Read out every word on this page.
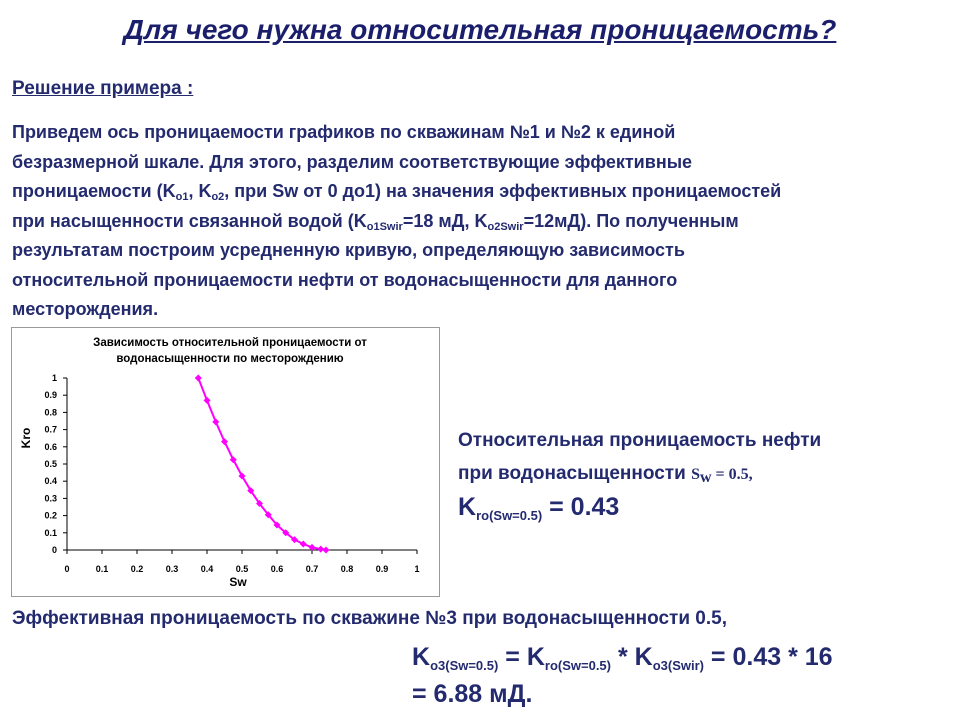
Для чего нужна относительная проницаемость?
Решение примера :
Приведем ось проницаемости графиков по скважинам №1 и №2 к единой
безразмерной шкале. Для этого, разделим соответствующие эффективные
проницаемости ($K_{o1}$, $K_{o2}$, при Sw от 0 до1) на значения эффективных проницаемостей
при насыщенности связанной водой ($K_{o1Swir}=18$ мД, $K_{o2Swir}=12мД$). По полученным
результатам построим усредненную кривую, определяющую зависимость
относительной проницаемости нефти от водонасыщенности для данного
месторождения.
Зависимость относительной проницаемости от
водонасыщенности по месторождению
Kro
Sw
0	0.1 0.2 0.3 0.4 0.5 0.6 0.7 0.8 0.9	1
0
0.1
0.2
0.3
0.4
0.5
0.6
0.7
0.8
0.9
1
Относительная проницаемость нефти
при водонасыщенности $S_w = 0.5$,
$K_{ro(Sw=0.5)} = 0.43$
Эффективная проницаемость по скважине №3 при водонасыщенности 0.5,
$K_{o3(Sw=0.5)} = K_{ro(Sw=0.5)} * K_{o3(Swir)} = 0.43 * 16$
= 6.88 мД.
